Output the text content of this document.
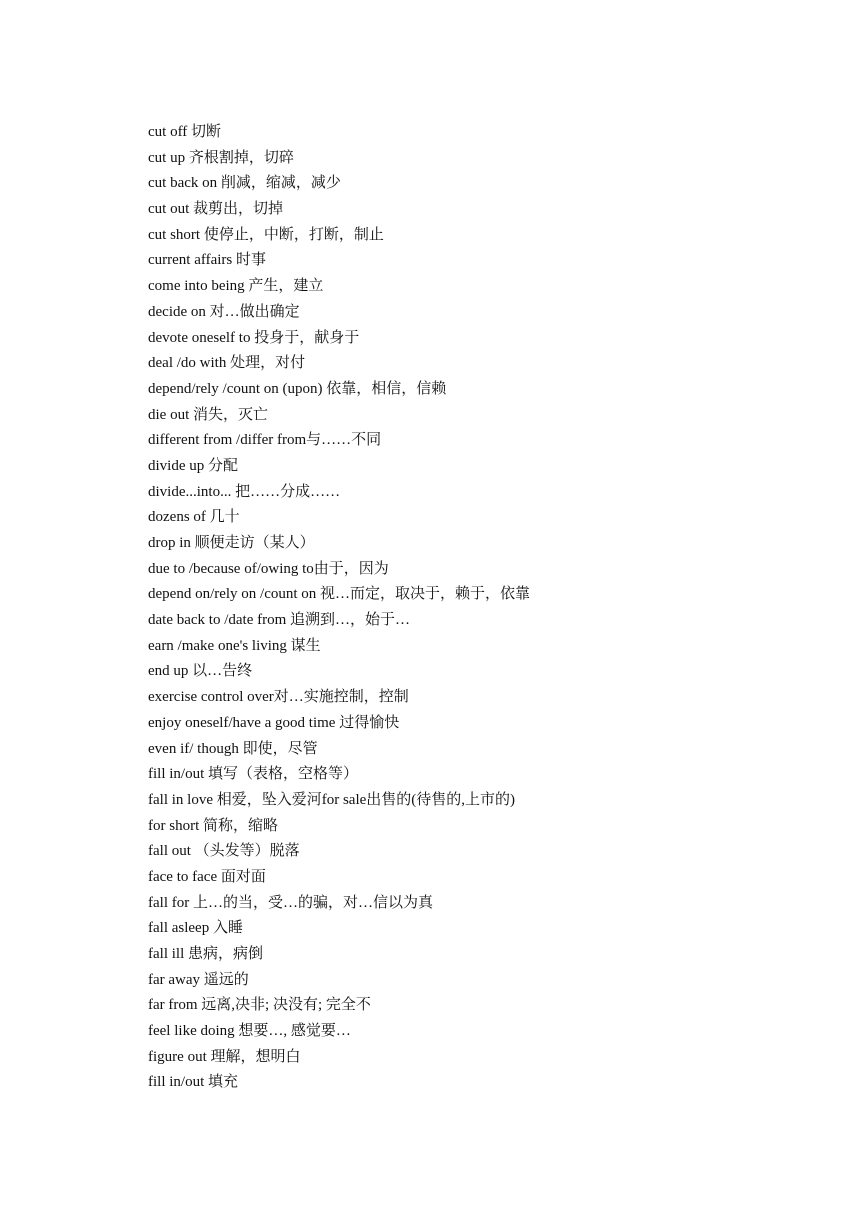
cut off 切断
cut up 齐根割掉，切碎
cut back on 削减，缩减，减少
cut out 裁剪出，切掉
cut short 使停止，中断，打断，制止
current affairs 时事
come into being 产生，建立
decide on 对…做出确定
devote oneself to 投身于，献身于
deal /do with 处理，对付
depend/rely /count on (upon) 依靠，相信，信赖
die out 消失，灭亡
different from /differ from与……不同
divide up 分配
divide...into... 把……分成……
dozens of 几十
drop in 顺便走访（某人）
due to /because of/owing to由于，因为
depend on/rely on /count on 视…而定，取决于，赖于，依靠
date back to /date from 追溯到…，始于…
earn /make one's living 谋生
end up 以…告终
exercise control over对…实施控制，控制
enjoy oneself/have a good time 过得愉快
even if/ though 即使，尽管
fill in/out 填写（表格，空格等）
fall in love 相爱，坠入爱河for sale出售的(待售的,上市的)
for short 简称，缩略
fall out （头发等）脱落
face to face 面对面
fall for 上…的当，受…的骗，对…信以为真
fall asleep 入睡
fall ill 患病，病倒
far away 遥远的
far from 远离,决非; 决没有; 完全不
feel like doing 想要…, 感觉要…
figure out 理解，想明白
fill in/out 填充
